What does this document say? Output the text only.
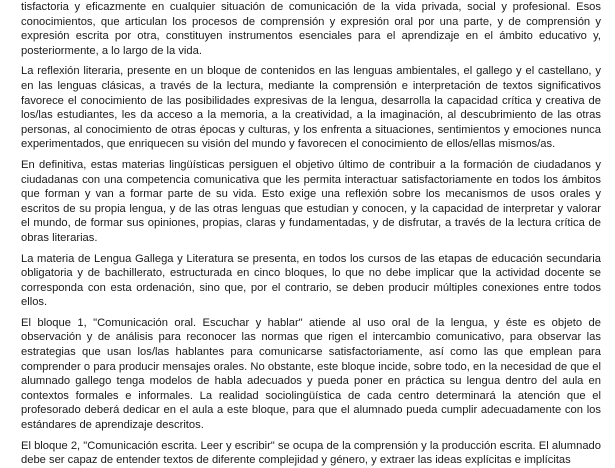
tisfactoria y eficazmente en cualquier situación de comunicación de la vida privada, social y profesional. Esos conocimientos, que articulan los procesos de comprensión y expresión oral por una parte, y de comprensión y expresión escrita por otra, constituyen instrumentos esenciales para el aprendizaje en el ámbito educativo y, posteriormente, a lo largo de la vida.

La reflexión literaria, presente en un bloque de contenidos en las lenguas ambientales, el gallego y el castellano, y en las lenguas clásicas, a través de la lectura, mediante la comprensión e interpretación de textos significativos favorece el conocimiento de las posibilidades expresivas de la lengua, desarrolla la capacidad crítica y creativa de los/las estudiantes, les da acceso a la memoria, a la creatividad, a la imaginación, al descubrimiento de las otras personas, al conocimiento de otras épocas y culturas, y los enfrenta a situaciones, sentimientos y emociones nunca experimentados, que enriquecen su visión del mundo y favorecen el conocimiento de ellos/ellas mismos/as.

En definitiva, estas materias lingüísticas persiguen el objetivo último de contribuir a la formación de ciudadanos y ciudadanas con una competencia comunicativa que les permita interactuar satisfactoriamente en todos los ámbitos que forman y van a formar parte de su vida. Esto exige una reflexión sobre los mecanismos de usos orales y escritos de su propia lengua, y de las otras lenguas que estudian y conocen, y la capacidad de interpretar y valorar el mundo, de formar sus opiniones, propias, claras y fundamentadas, y de disfrutar, a través de la lectura crítica de obras literarias.

La materia de Lengua Gallega y Literatura se presenta, en todos los cursos de las etapas de educación secundaria obligatoria y de bachillerato, estructurada en cinco bloques, lo que no debe implicar que la actividad docente se corresponda con esta ordenación, sino que, por el contrario, se deben producir múltiples conexiones entre todos ellos.

El bloque 1, "Comunicación oral. Escuchar y hablar" atiende al uso oral de la lengua, y éste es objeto de observación y de análisis para reconocer las normas que rigen el intercambio comunicativo, para observar las estrategias que usan los/las hablantes para comunicarse satisfactoriamente, así como las que emplean para comprender o para producir mensajes orales. No obstante, este bloque incide, sobre todo, en la necesidad de que el alumnado gallego tenga modelos de habla adecuados y pueda poner en práctica su lengua dentro del aula en contextos formales e informales. La realidad sociolingüística de cada centro determinará la atención que el profesorado deberá dedicar en el aula a este bloque, para que el alumnado pueda cumplir adecuadamente con los estándares de aprendizaje descritos.

El bloque 2, "Comunicación escrita. Leer y escribir" se ocupa de la comprensión y la producción escrita. El alumnado debe ser capaz de entender textos de diferente complejidad y género, y extraer las ideas explícitas e implícitas
